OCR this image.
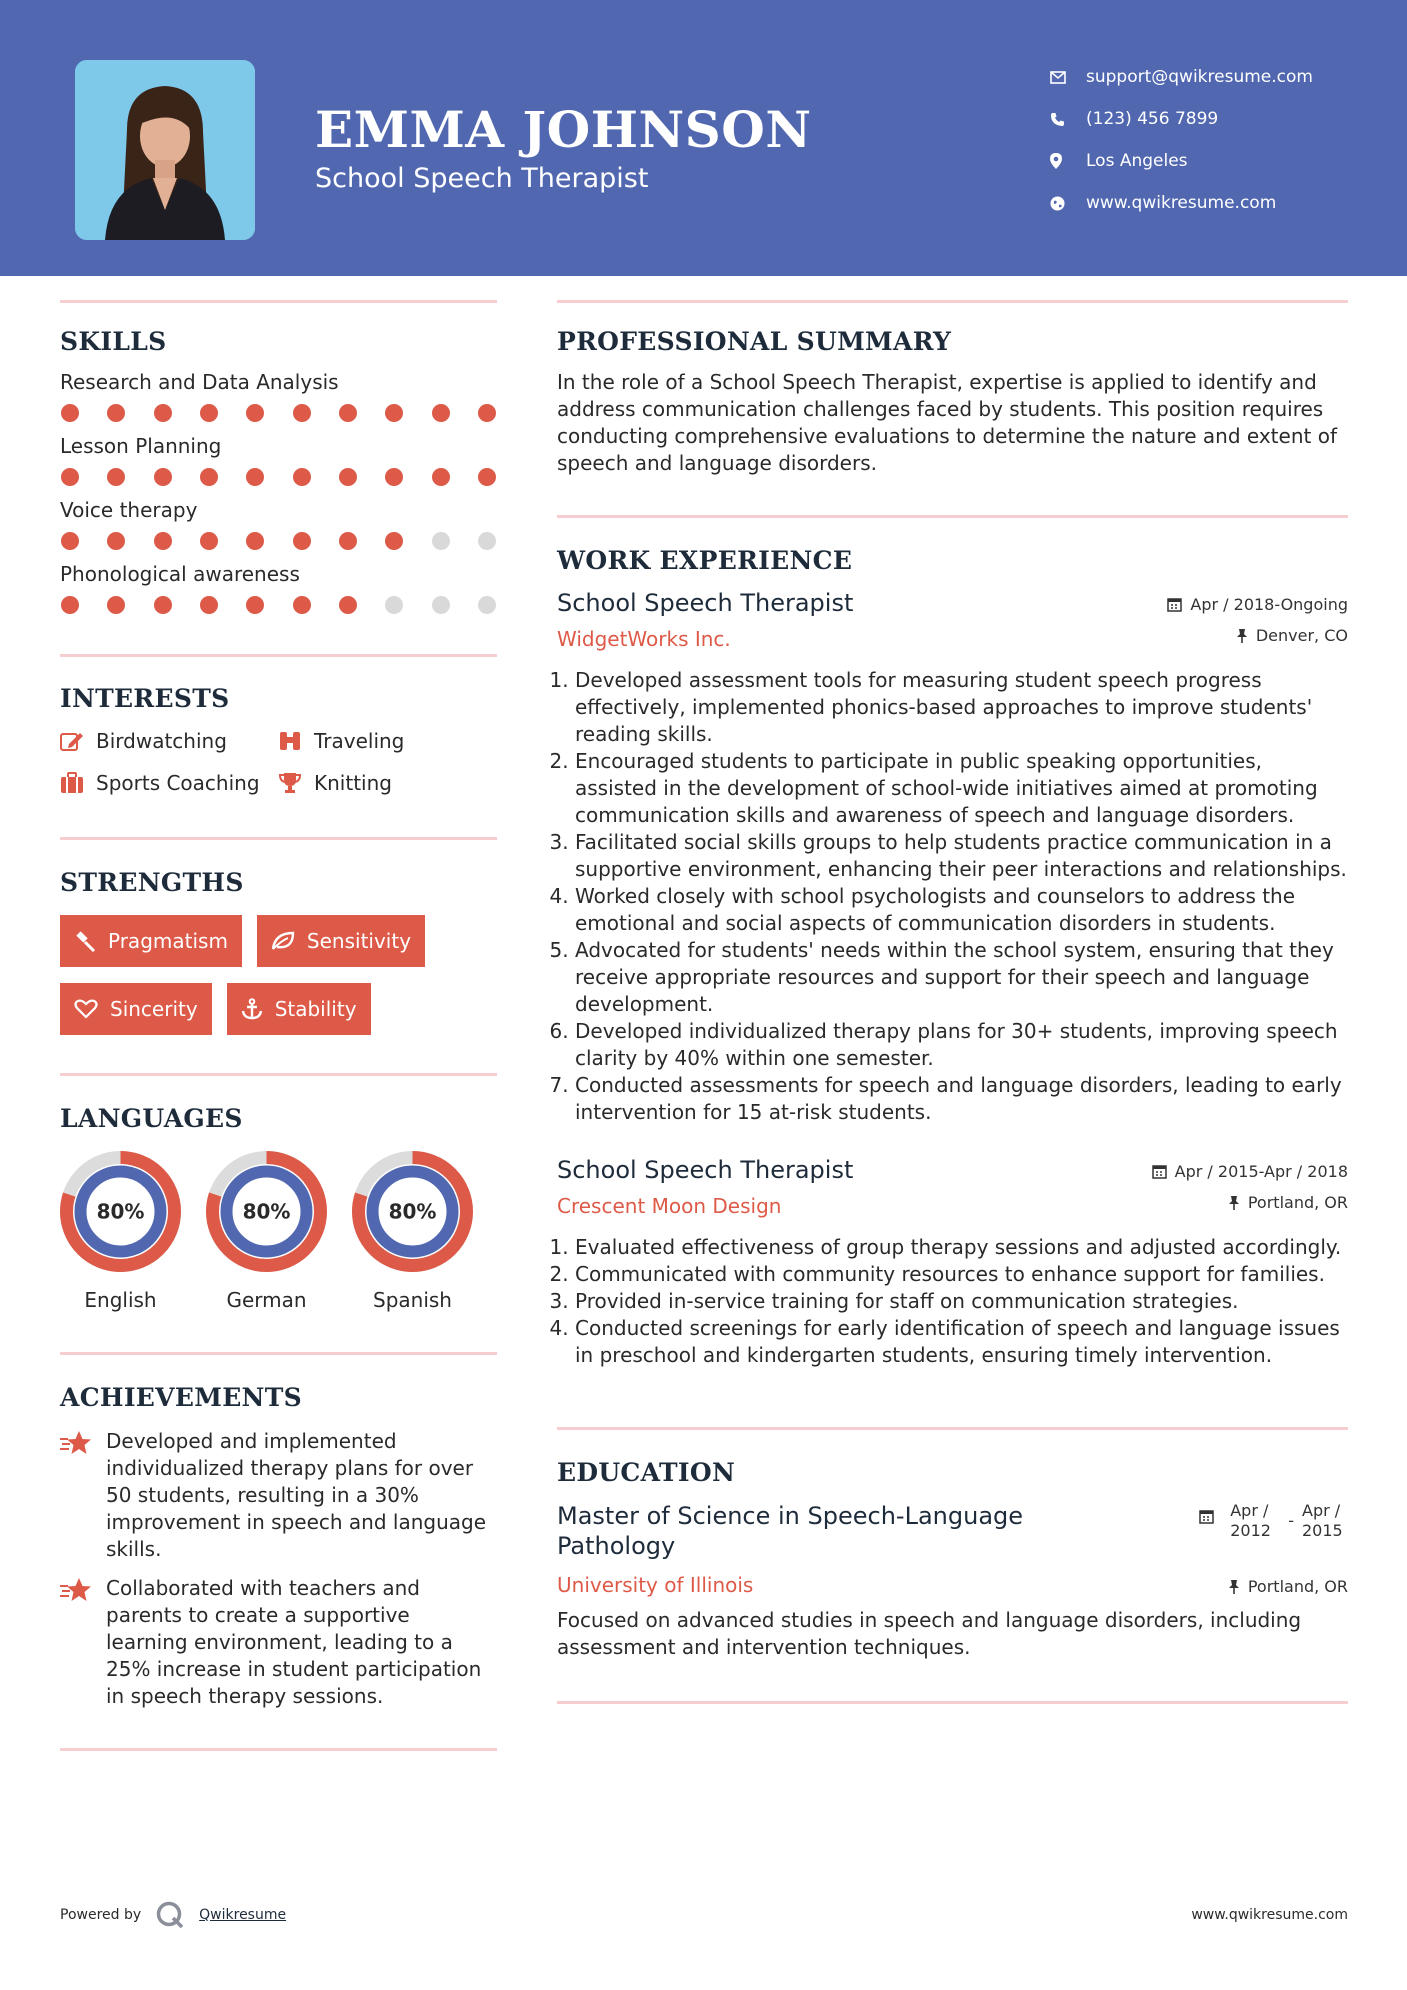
EMMA JOHNSON
School Speech Therapist
support@qwikresume.com
(123) 456 7899
Los Angeles
www.qwikresume.com
SKILLS
Research and Data Analysis
Lesson Planning
Voice therapy
Phonological awareness
INTERESTS
Birdwatching	Traveling
Sports Coaching	Knitting
STRENGTHS
Pragmatism	Sensitivity
Sincerity	Stability
LANGUAGES
80%
English
80%
German
80%
Spanish
ACHIEVEMENTS
Developed and implemented individualized therapy plans for over 50 students, resulting in a 30% improvement in speech and language skills.
Collaborated with teachers and parents to create a supportive learning environment, leading to a 25% increase in student participation in speech therapy sessions.
PROFESSIONAL SUMMARY
In the role of a School Speech Therapist, expertise is applied to identify and address communication challenges faced by students. This position requires conducting comprehensive evaluations to determine the nature and extent of speech and language disorders.
WORK EXPERIENCE
School Speech Therapist
WidgetWorks Inc.
Apr / 2018-Ongoing
Denver, CO
1. Developed assessment tools for measuring student speech progress effectively, implemented phonics-based approaches to improve students' reading skills.
2. Encouraged students to participate in public speaking opportunities, assisted in the development of school-wide initiatives aimed at promoting communication skills and awareness of speech and language disorders.
3. Facilitated social skills groups to help students practice communication in a supportive environment, enhancing their peer interactions and relationships.
4. Worked closely with school psychologists and counselors to address the emotional and social aspects of communication disorders in students.
5. Advocated for students' needs within the school system, ensuring that they receive appropriate resources and support for their speech and language development.
6. Developed individualized therapy plans for 30+ students, improving speech clarity by 40% within one semester.
7. Conducted assessments for speech and language disorders, leading to early intervention for 15 at-risk students.
School Speech Therapist
Crescent Moon Design
Apr / 2015-Apr / 2018
Portland, OR
1. Evaluated effectiveness of group therapy sessions and adjusted accordingly.
2. Communicated with community resources to enhance support for families.
3. Provided in-service training for staff on communication strategies.
4. Conducted screenings for early identification of speech and language issues in preschool and kindergarten students, ensuring timely intervention.
EDUCATION
Master of Science in Speech-Language Pathology
Apr / 2012
-
Apr / 2015
University of Illinois	Portland, OR
Focused on advanced studies in speech and language disorders, including assessment and intervention techniques.
Powered by	Qwikresume	www.qwikresume.com
